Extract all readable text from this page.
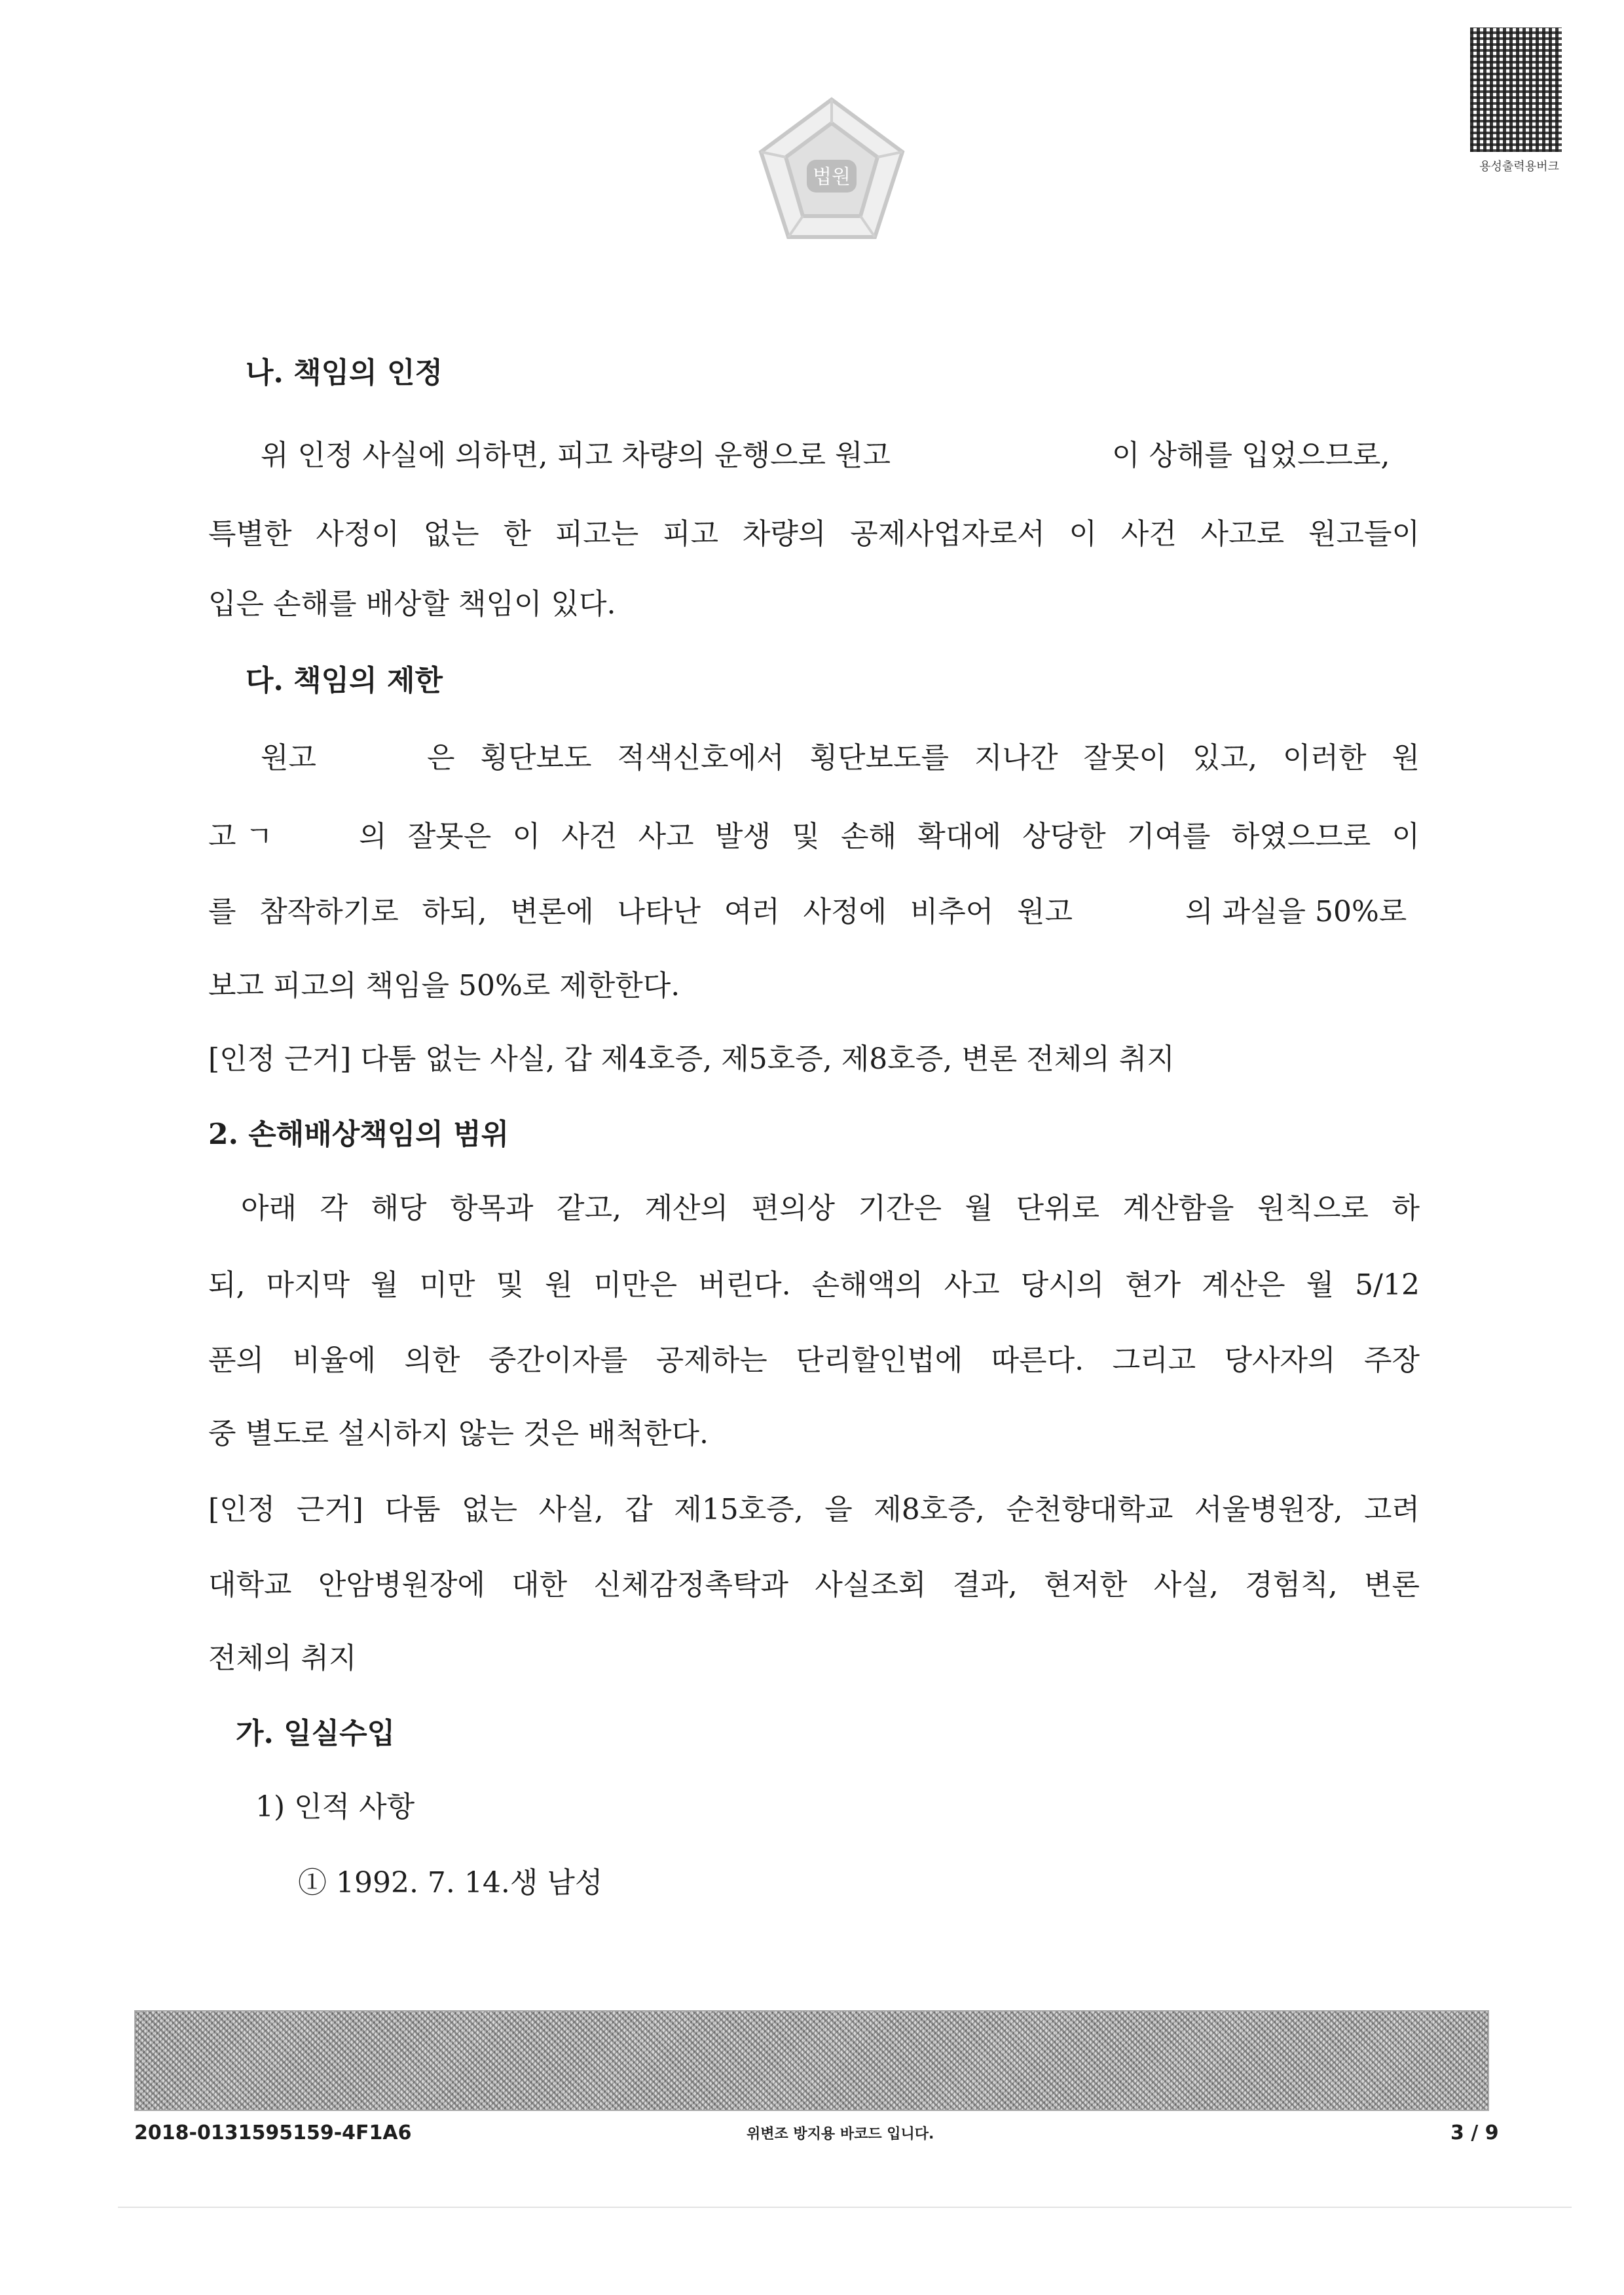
용성출력용버크
법원
나. 책임의 인정
위 인정 사실에 의하면, 피고 차량의 운행으로 원고	이 상해를 입었으므로,
특별한 사정이 없는 한 피고는 피고 차량의 공제사업자로서 이 사건 사고로 원고들이
입은 손해를 배상할 책임이 있다.
다. 책임의 제한
원고	은 횡단보도 적색신호에서 횡단보도를 지나간 잘못이 있고, 이러한 원
고 ㄱ	의 잘못은 이 사건 사고 발생 및 손해 확대에 상당한 기여를 하였으므로 이
를 참작하기로 하되, 변론에 나타난 여러 사정에 비추어 원고	의 과실을 50%로
보고 피고의 책임을 50%로 제한한다.
[인정 근거] 다툼 없는 사실, 갑 제4호증, 제5호증, 제8호증, 변론 전체의 취지
2. 손해배상책임의 범위
아래 각 해당 항목과 같고, 계산의 편의상 기간은 월 단위로 계산함을 원칙으로 하
되, 마지막 월 미만 및 원 미만은 버린다. 손해액의 사고 당시의 현가 계산은 월 5/12
푼의 비율에 의한 중간이자를 공제하는 단리할인법에 따른다. 그리고 당사자의 주장
중 별도로 설시하지 않는 것은 배척한다.
[인정 근거] 다툼 없는 사실, 갑 제15호증, 을 제8호증, 순천향대학교 서울병원장, 고려
대학교 안암병원장에 대한 신체감정촉탁과 사실조회 결과, 현저한 사실, 경험칙, 변론
전체의 취지
가. 일실수입
1) 인적 사항
① 1992. 7. 14.생 남성
2018-0131595159-4F1A6	위변조 방지용 바코드 입니다.	3 / 9
